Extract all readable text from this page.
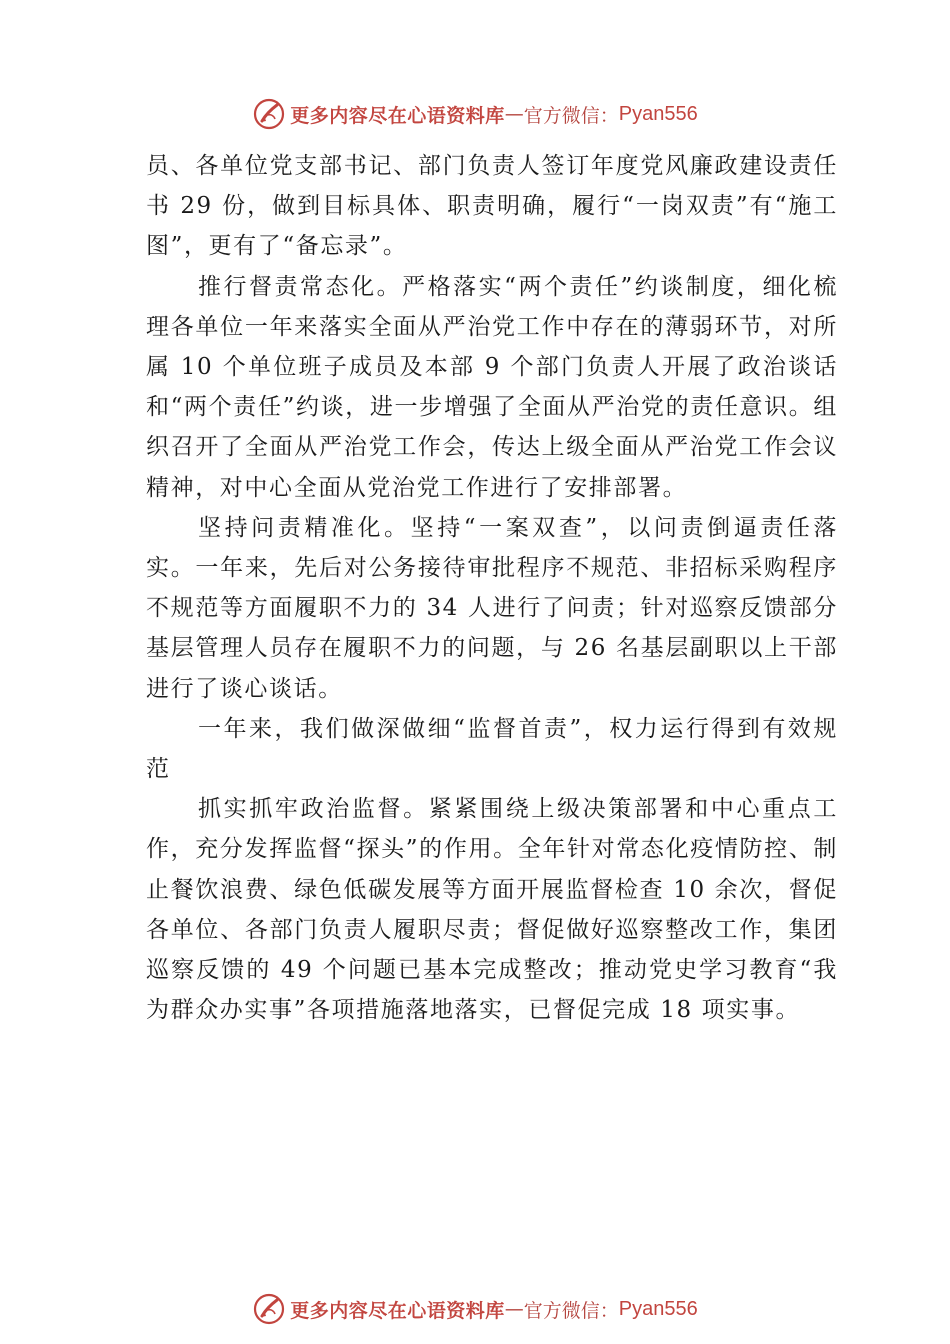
更多内容尽在心语资料库 — 官方微信： Pyan556

员、各单位党支部书记、部门负责人签订年度党风廉政建设责任书 29 份，做到目标具体、职责明确，履行“一岗双责”有“施工图”，更有了“备忘录”。

推行督责常态化。严格落实“两个责任”约谈制度，细化梳理各单位一年来落实全面从严治党工作中存在的薄弱环节，对所属 10 个单位班子成员及本部 9 个部门负责人开展了政治谈话和“两个责任”约谈，进一步增强了全面从严治党的责任意识。组织召开了全面从严治党工作会，传达上级全面从严治党工作会议精神，对中心全面从党治党工作进行了安排部署。

坚持问责精准化。坚持“一案双查”，以问责倒逼责任落实。一年来，先后对公务接待审批程序不规范、非招标采购程序不规范等方面履职不力的 34 人进行了问责；针对巡察反馈部分基层管理人员存在履职不力的问题，与 26 名基层副职以上干部进行了谈心谈话。

一年来，我们做深做细“监督首责”，权力运行得到有效规范

抓实抓牢政治监督。紧紧围绕上级决策部署和中心重点工作，充分发挥监督“探头”的作用。全年针对常态化疫情防控、制止餐饮浪费、绿色低碳发展等方面开展监督检查 10 余次，督促各单位、各部门负责人履职尽责；督促做好巡察整改工作，集团巡察反馈的 49 个问题已基本完成整改；推动党史学习教育“我为群众办实事”各项措施落地落实，已督促完成 18 项实事。

更多内容尽在心语资料库 — 官方微信： Pyan556
